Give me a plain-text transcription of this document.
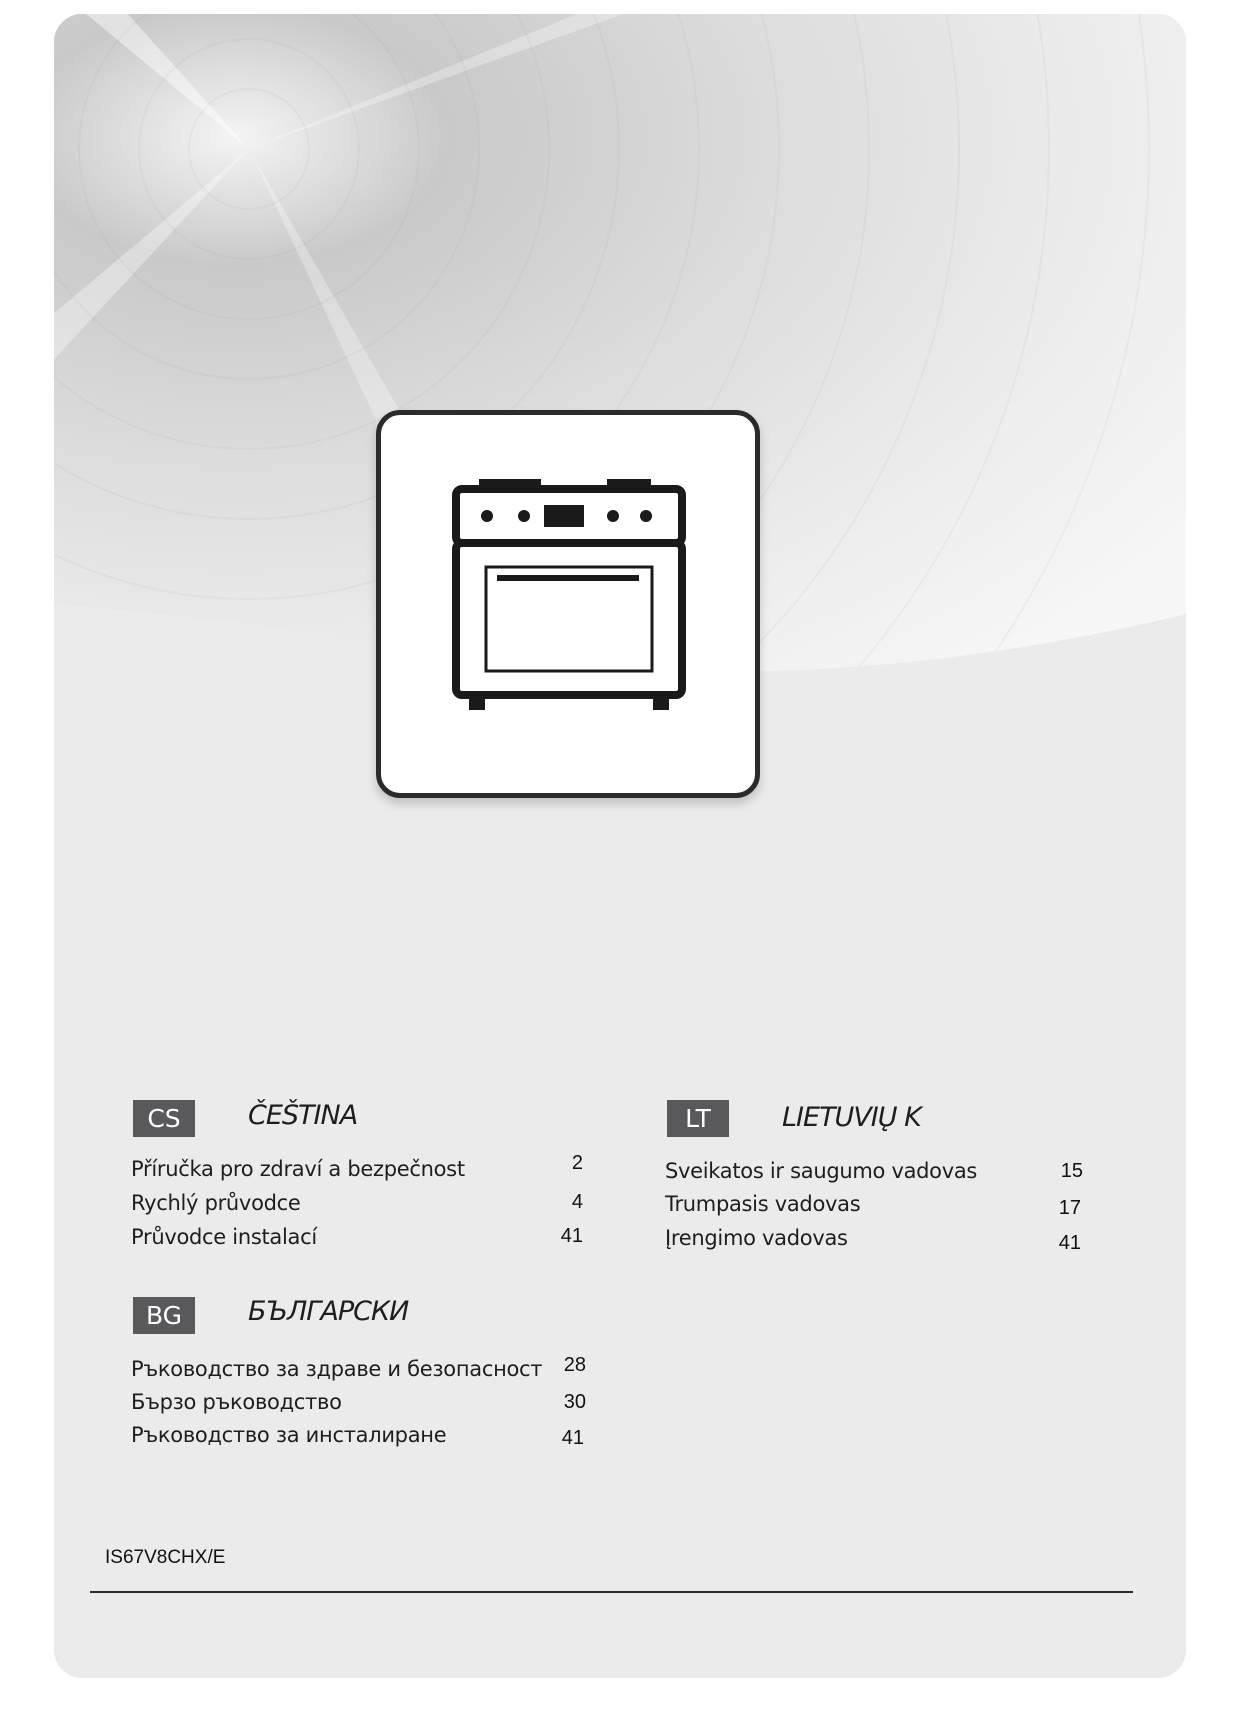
CS	ČEŠTINA
Příručka pro zdraví a bezpečnost	2
Rychlý průvodce	4
Průvodce instalací	41
BG	БЪЛГАРСКИ
Ръководство за здраве и безопасност	28
Бързо ръководство	30
Ръководство за инсталиране	41
LT	LIETUVIŲ K
Sveikatos ir saugumo vadovas	15
Trumpasis vadovas	17
Įrengimo vadovas	41
IS67V8CHX/E
